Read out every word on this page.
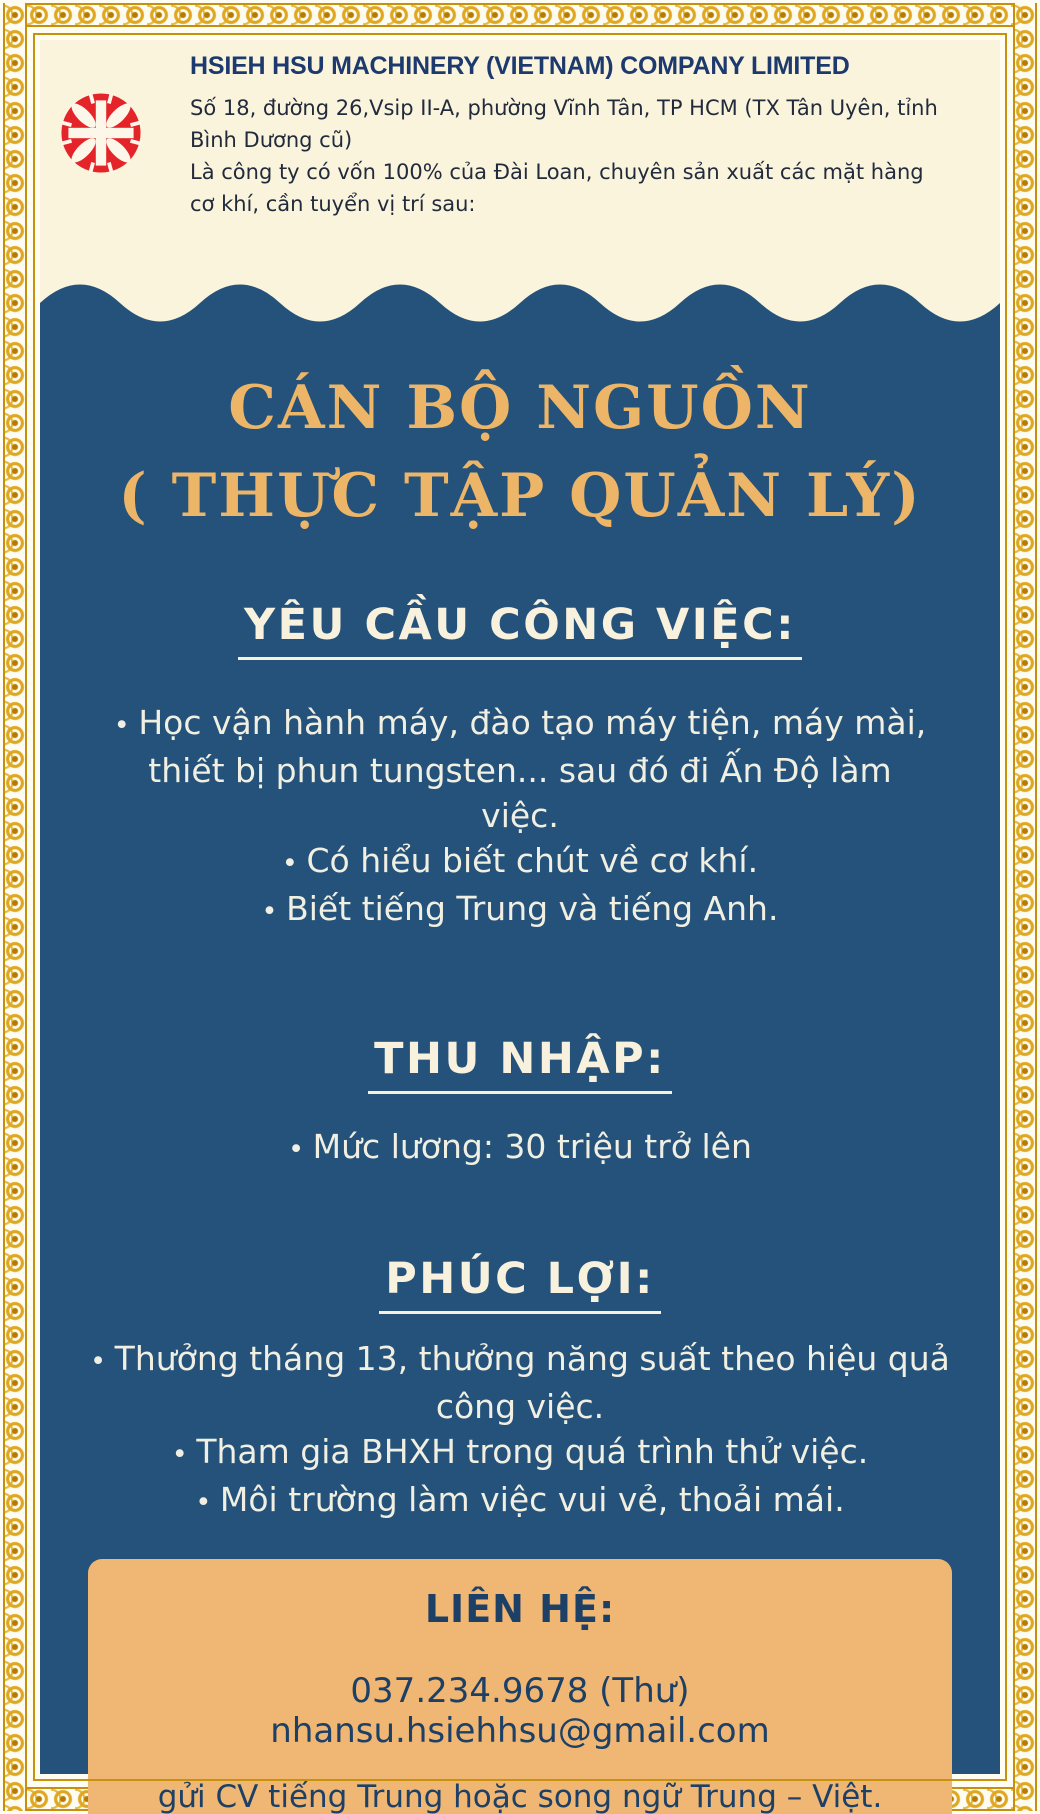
HSIEH HSU MACHINERY (VIETNAM) COMPANY LIMITED
Số 18, đường 26,Vsip II-A, phường Vĩnh Tân, TP HCM (TX Tân Uyên, tỉnh Bình Dương cũ)
Là công ty có vốn 100% của Đài Loan, chuyên sản xuất các mặt hàng cơ khí, cần tuyển vị trí sau:
CÁN BỘ NGUỒN
( THỰC TẬP QUẢN LÝ)
YÊU CẦU CÔNG VIỆC:
• Học vận hành máy, đào tạo máy tiện, máy mài, thiết bị phun tungsten... sau đó đi Ấn Độ làm việc.
• Có hiểu biết chút về cơ khí.
• Biết tiếng Trung và tiếng Anh.
THU NHẬP:
• Mức lương: 30 triệu trở lên
PHÚC LỢI:
• Thưởng tháng 13, thưởng năng suất theo hiệu quả công việc.
• Tham gia BHXH trong quá trình thử việc.
• Môi trường làm việc vui vẻ, thoải mái.
LIÊN HỆ:
037.234.9678 (Thư) nhansu.hsiehhsu@gmail.com
gửi CV tiếng Trung hoặc song ngữ Trung – Việt.
